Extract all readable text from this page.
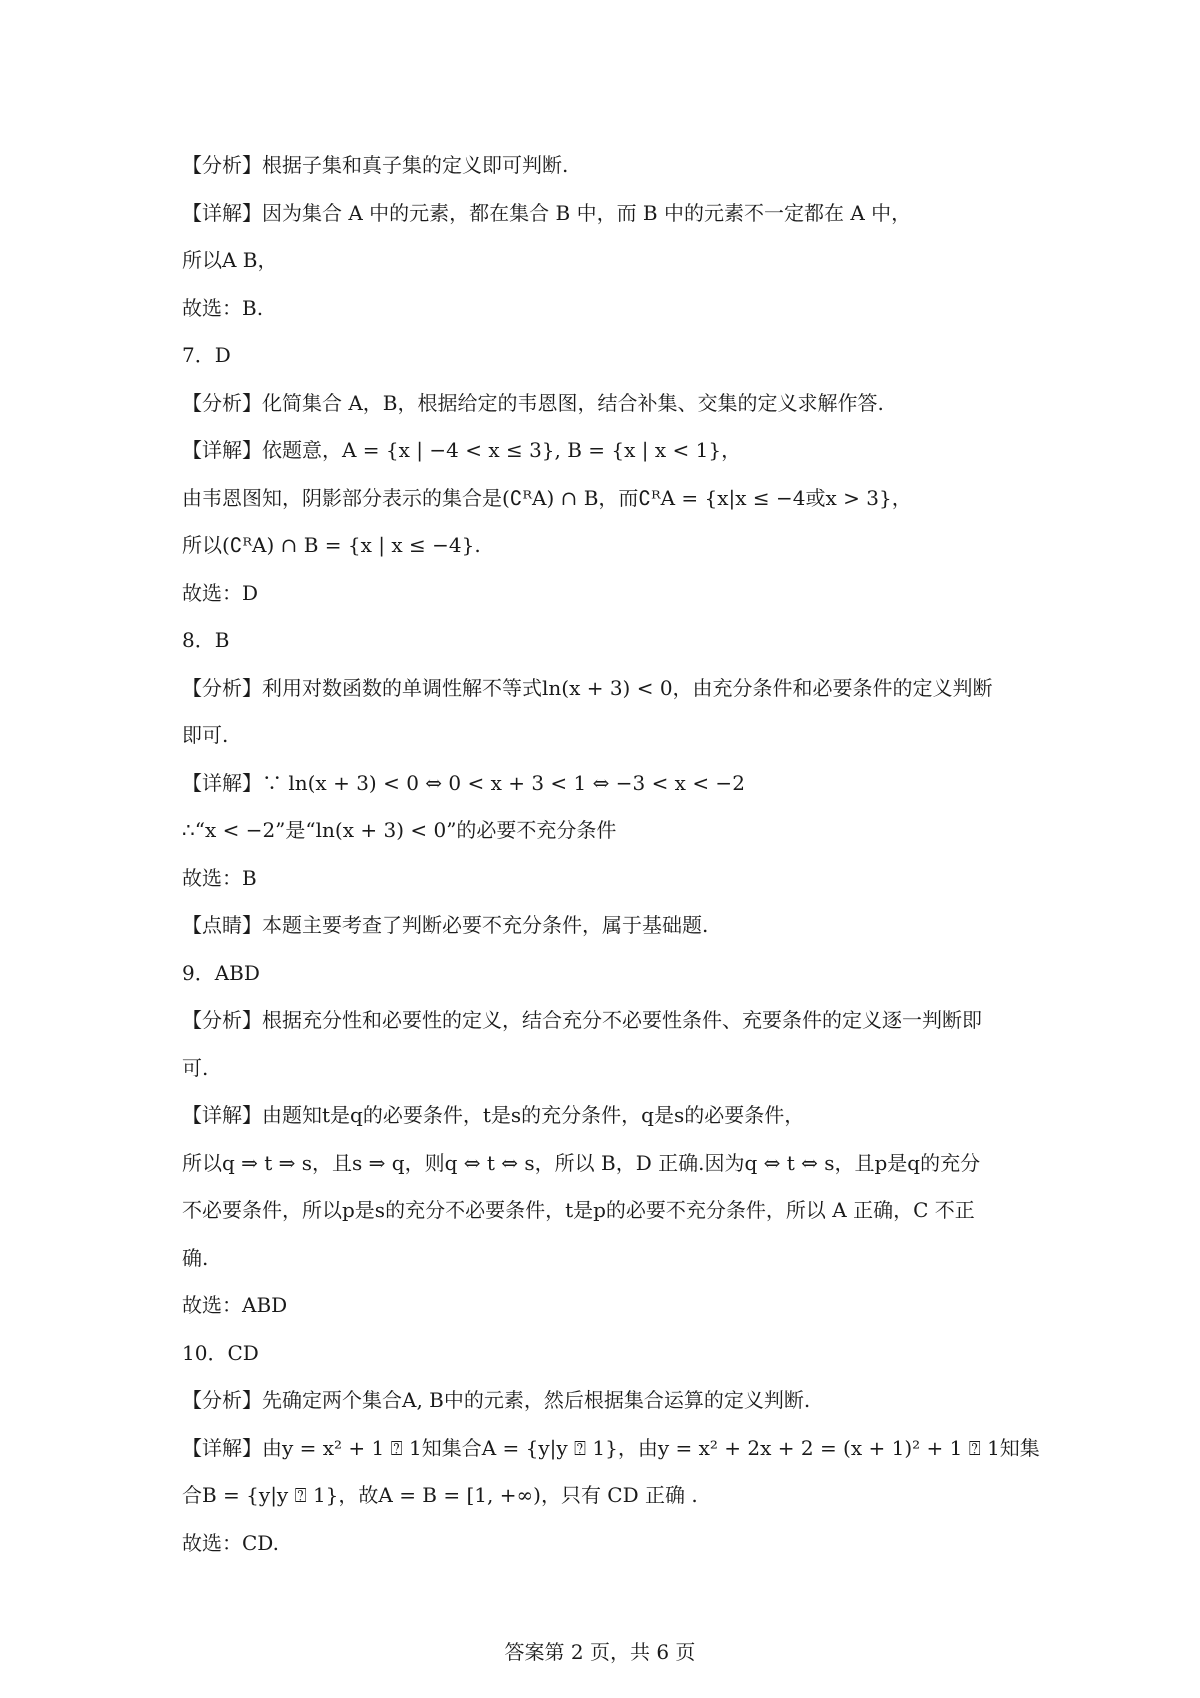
【分析】根据子集和真子集的定义即可判断.
【详解】因为集合 A 中的元素，都在集合 B 中，而 B 中的元素不一定都在 A 中，
所以A B，
故选：B.
7．D
【分析】化简集合 A，B，根据给定的韦恩图，结合补集、交集的定义求解作答.
【详解】依题意，A = {x | −4 < x ≤ 3}, B = {x | x < 1}，
由韦恩图知，阴影部分表示的集合是(∁ᴿA) ∩ B，而∁ᴿA = {x|x ≤ −4或x > 3}，
所以(∁ᴿA) ∩ B = {x | x ≤ −4}.
故选：D
8．B
【分析】利用对数函数的单调性解不等式ln(x + 3) < 0，由充分条件和必要条件的定义判断
即可.
【详解】∵ ln(x + 3) < 0 ⇔ 0 < x + 3 < 1 ⇔ −3 < x < −2
∴“x < −2”是“ln(x + 3) < 0”的必要不充分条件
故选：B
【点睛】本题主要考查了判断必要不充分条件，属于基础题.
9．ABD
【分析】根据充分性和必要性的定义，结合充分不必要性条件、充要条件的定义逐一判断即
可.
【详解】由题知t是q的必要条件，t是s的充分条件，q是s的必要条件，
所以q ⇒ t ⇒ s，且s ⇒ q，则q ⇔ t ⇔ s，所以 B，D 正确.因为q ⇔ t ⇔ s，且p是q的充分
不必要条件，所以p是s的充分不必要条件，t是p的必要不充分条件，所以 A 正确，C 不正
确.
故选：ABD
10．CD
【分析】先确定两个集合A, B中的元素，然后根据集合运算的定义判断.
【详解】由y = x² + 1 ⍰ 1知集合A = {y|y ⍰ 1}，由y = x² + 2x + 2 = (x + 1)² + 1 ⍰ 1知集
合B = {y|y ⍰ 1}，故A = B = [1, +∞)，只有 CD 正确 .
故选：CD.
答案第 2 页，共 6 页
